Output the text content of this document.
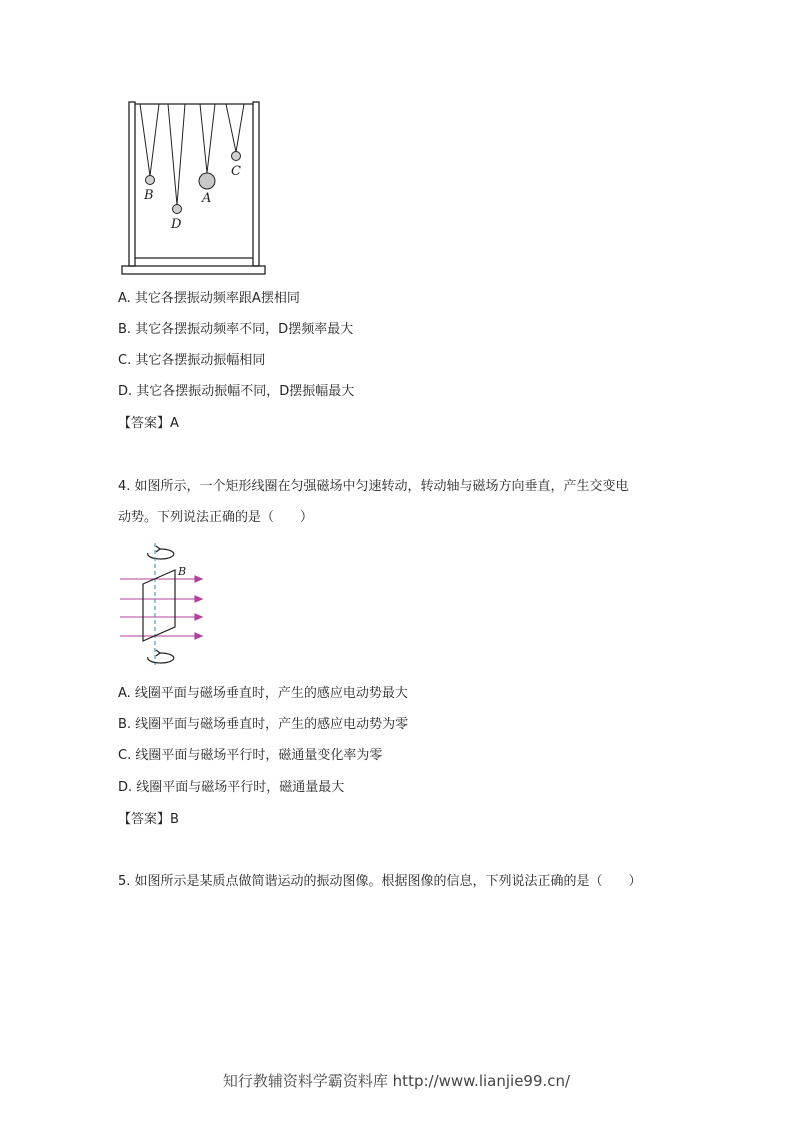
B
D
A
C
A. 其它各摆振动频率跟A摆相同
B. 其它各摆振动频率不同，D摆频率最大
C. 其它各摆振动振幅相同
D. 其它各摆振动振幅不同，D摆振幅最大
【答案】A
4. 如图所示，一个矩形线圈在匀强磁场中匀速转动，转动轴与磁场方向垂直，产生交变电
动势。下列说法正确的是（　　）
B
A. 线圈平面与磁场垂直时，产生的感应电动势最大
B. 线圈平面与磁场垂直时，产生的感应电动势为零
C. 线圈平面与磁场平行时，磁通量变化率为零
D. 线圈平面与磁场平行时，磁通量最大
【答案】B
5. 如图所示是某质点做简谐运动的振动图像。根据图像的信息，下列说法正确的是（　　）
知行教辅资料学霸资料库 http://www.lianjie99.cn/
